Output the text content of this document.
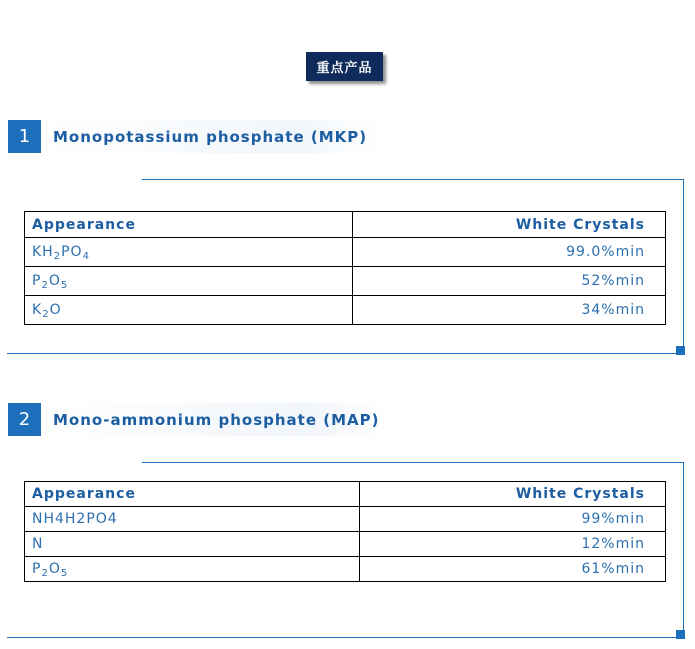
重点产品
1	Monopotassium phosphate (MKP)
Appearance	White Crystals
$KH_2PO_4$	99.0%min
$P_2O_5$	52%min
$K_2O$	34%min
2	Mono-ammonium phosphate (MAP)
Appearance	White Crystals
NH4H2PO4	99%min
N	12%min
$P_2O_5$	61%min
